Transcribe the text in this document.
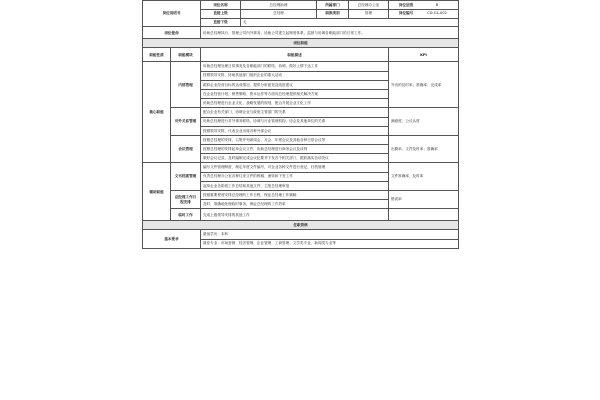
岗位说明书		岗位名称	总经理助理	所属部门	总经理办公室	岗位层级 B
		直接上级	总经理	职族类别	管理	岗位编号 CD-GL-002
		直接下级	无			
岗位使命		协助总经理执行、管理公司内外事务，协助公司建立起制度体系，监督与协调各职能部门的日常工作。				
岗位职能						
职能性质	职能模块	职能描述				KPI
核心职能	内部管理	协助总经理处理日常事务及各职能部门的联络、协调，做好上情下达工作				外出的及时率；准确率；完成率
		按照领导安排，协助其他部门组织企业的重大活动				
		跟踪企业经营目标的达成情况，提供分析意见及改进建议				
		在企业经营计划、销售策略、资本运作等方面向总经理提供相关解决方案				
		协助总经理进行企业文化、战略发展的规划，配合开展企业文化工作				
	对外关系管理	配合企业有关部门，协调企业与政府主管部门的关系				满意度；公议认度
		协助总经理进行对外事务联络，协调与行业管理机构、协会及其他单位的关系				
		按照领导安排，代表企业出席各种外部会议				
	会议管理	按照总经理的安排，召集并列席周会、月会、年度会议及其他各种日常会议等				出勤率；文件及时率；准确率
		按照总经理的安排起草会议文件，协助总经理进行商务会议及谈判				
		做好会议记录，及时编制完成会议纪要并下发各个相关部门，跟踪落实各项决议				
辅助职能	文书档案管理	编写文件管理制度、制定年度文件编号，对企业各种文件进行登记、归档管理				文件准确率；及时率
		负责总经理办公室各种往来文件的核稿、流转和下发工作				
		起草企业各阶段工作总结和其他文件，主报总经理审批				
	总经理工作日程安排	按照重要程度安排总经理的工作日程，保证总经理工作顺畅				错误率
		及时、准确地处理临时事务，保证总经理的工作效率				
	临时工作	完成上级领导安排的其他工作				
任职资格						
基本要求		最低学历：本科				
		最佳专业：市场营销、经济管理、企业管理、工商管理、文学类专业、新闻类专业等				
